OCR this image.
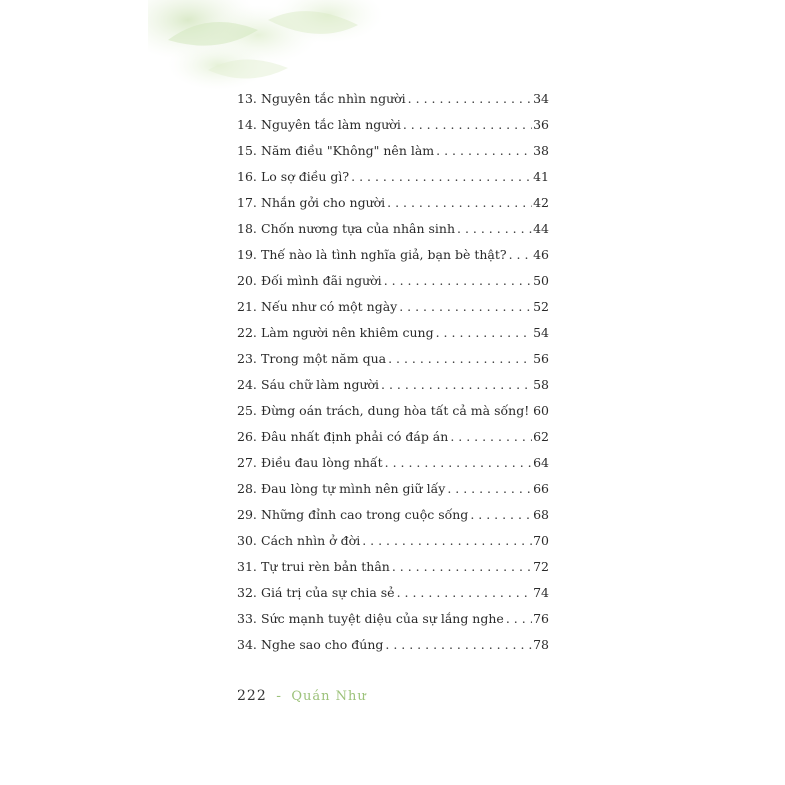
13. Nguyên tắc nhìn người . . .	34
14. Nguyên tắc làm người . . .	36
15. Năm điều "Không" nên làm . . .	38
16. Lo sợ điều gì? . . .	41
17. Nhắn gởi cho người . . .	42
18. Chốn nương tựa của nhân sinh . . .	44
19. Thế nào là tình nghĩa giả, bạn bè thật? . . . 46
20. Đối mình đãi người . . .	50
21. Nếu như có một ngày . . .	52
22. Làm người nên khiêm cung . . .	54
23. Trong một năm qua . . .	56
24. Sáu chữ làm người . . .	58
25. Đừng oán trách, dung hòa tất cả mà sống! . . . 60
26. Đâu nhất định phải có đáp án . . .	62
27. Điều đau lòng nhất . . .	64
28. Đau lòng tự mình nên giữ lấy . . .	66
29. Những đỉnh cao trong cuộc sống . . .	68
30. Cách nhìn ở đời . . .	70
31. Tự trui rèn bản thân . . .	72
32. Giá trị của sự chia sẻ . . .	74
33. Sức mạnh tuyệt diệu của sự lắng nghe . . . 76
34. Nghe sao cho đúng . . .	78
222 - Quán Như
